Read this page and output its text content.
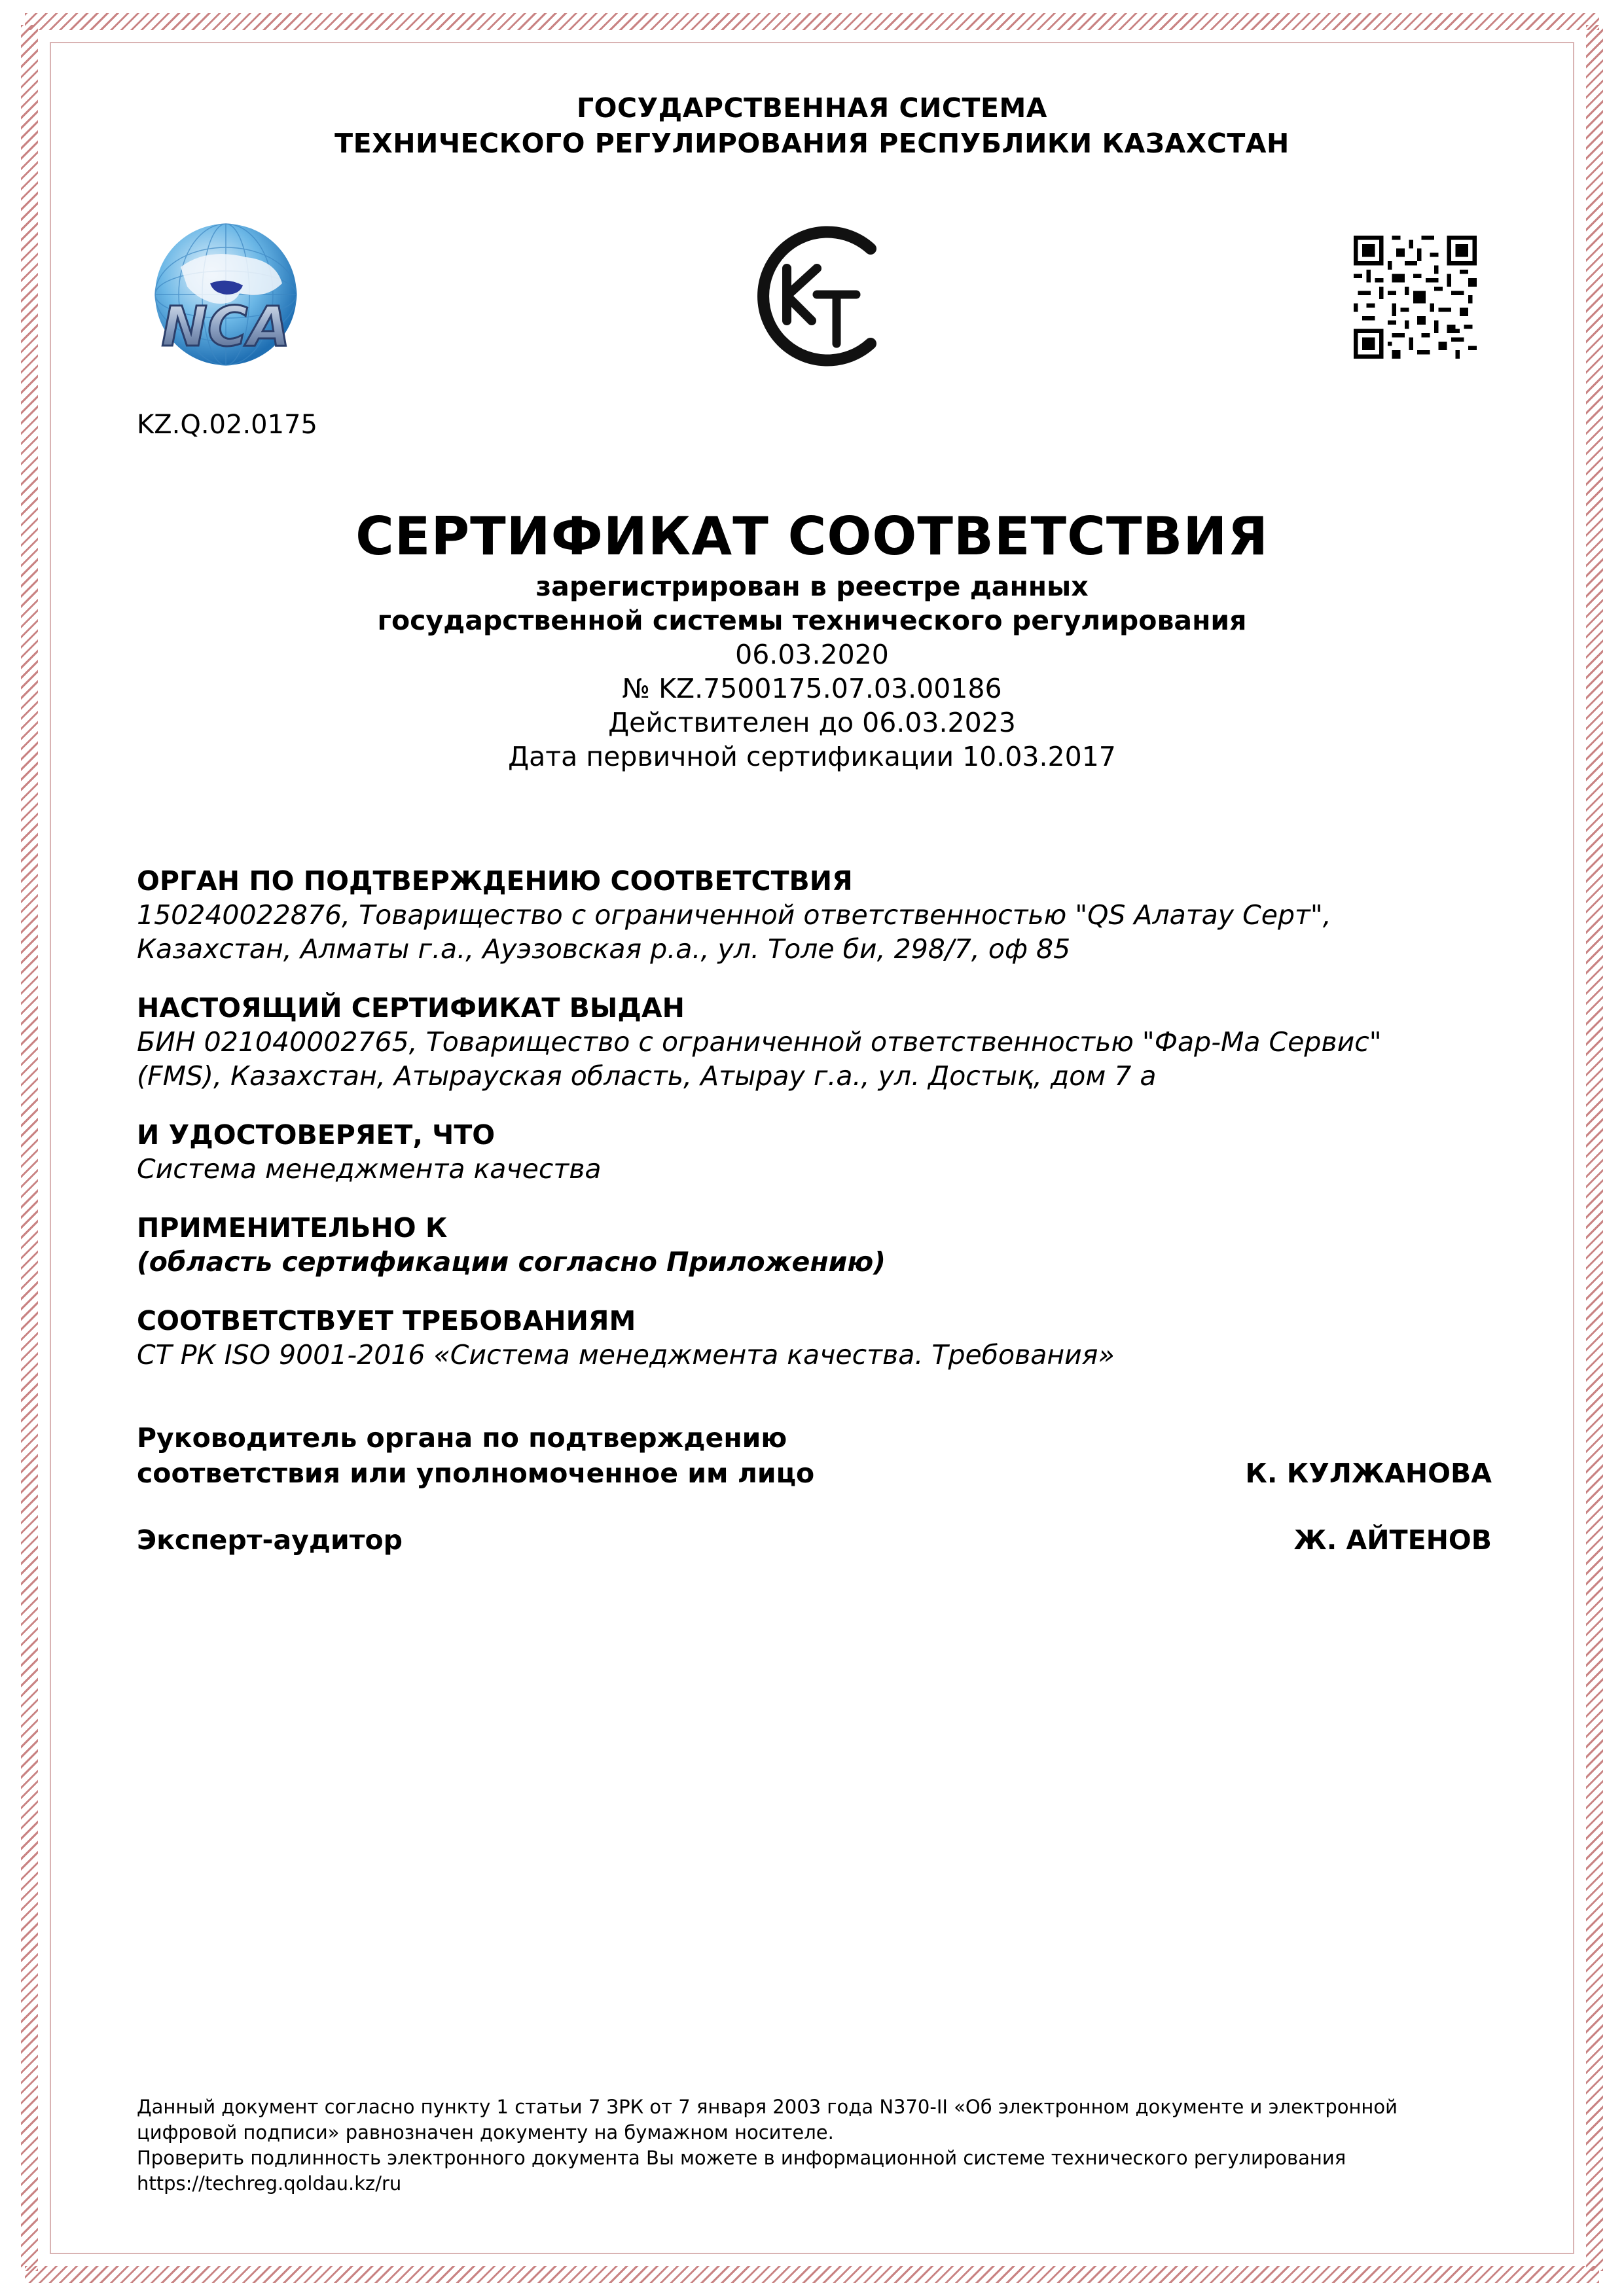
ГОСУДАРСТВЕННАЯ СИСТЕМА
ТЕХНИЧЕСКОГО РЕГУЛИРОВАНИЯ РЕСПУБЛИКИ КАЗАХСТАН
NCA
KZ.Q.02.0175
СЕРТИФИКАТ СООТВЕТСТВИЯ
зарегистрирован в реестре данных
государственной системы технического регулирования
06.03.2020
№ KZ.7500175.07.03.00186
Действителен до 06.03.2023
Дата первичной сертификации 10.03.2017
ОРГАН ПО ПОДТВЕРЖДЕНИЮ СООТВЕТСТВИЯ
150240022876, Товарищество с ограниченной ответственностью "QS Алатау Серт",
Казахстан, Алматы г.а., Ауэзовская р.а., ул. Толе би, 298/7, оф 85
НАСТОЯЩИЙ СЕРТИФИКАТ ВЫДАН
БИН 021040002765, Товарищество с ограниченной ответственностью "Фар-Ма Сервис"
(FMS), Казахстан, Атырауская область, Атырау г.а., ул. Достық, дом 7 а
И УДОСТОВЕРЯЕТ, ЧТО
Система менеджмента качества
ПРИМЕНИТЕЛЬНО К
(область сертификации согласно Приложению)
СООТВЕТСТВУЕТ ТРЕБОВАНИЯМ
СТ РК ISO 9001-2016 «Система менеджмента качества. Требования»
Руководитель органа по подтверждению
соответствия или уполномоченное им лицо	К. КУЛЖАНОВА
Эксперт-аудитор	Ж. АЙТЕНОВ
Данный документ согласно пункту 1 статьи 7 ЗРК от 7 января 2003 года N370-II «Об электронном документе и электронной
цифровой подписи» равнозначен документу на бумажном носителе.
Проверить подлинность электронного документа Вы можете в информационной системе технического регулирования
https://techreg.qoldau.kz/ru
